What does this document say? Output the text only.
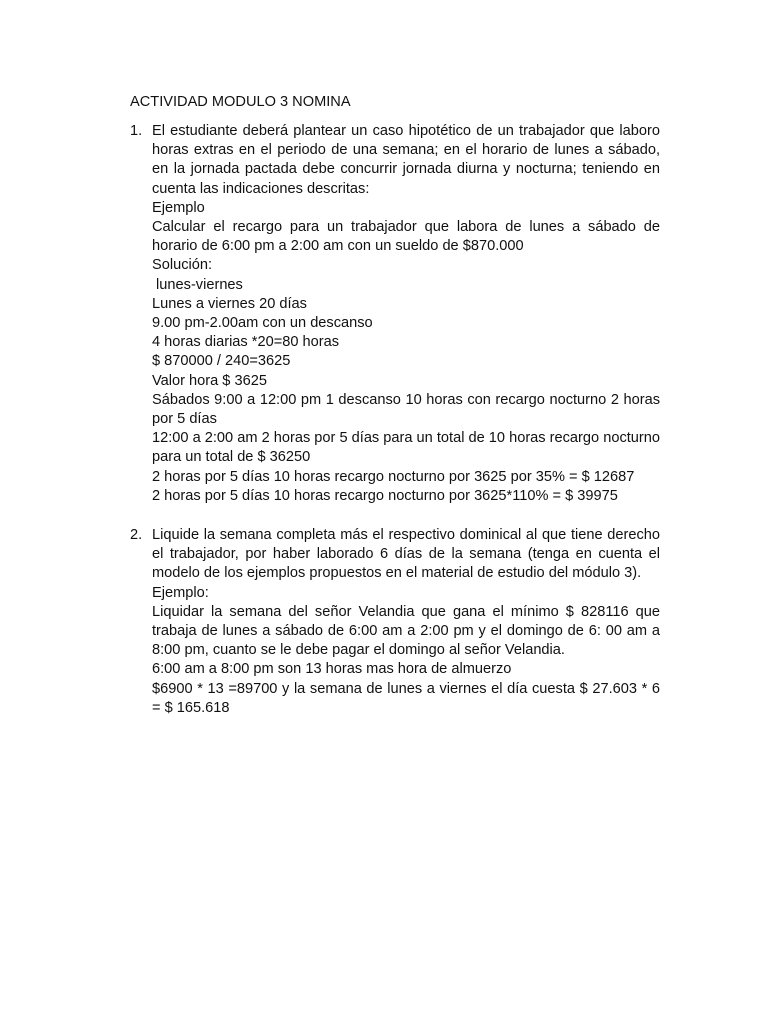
ACTIVIDAD MODULO 3 NOMINA
1. El estudiante deberá plantear un caso hipotético de un trabajador que laboro horas extras en el periodo de una semana; en el horario de lunes a sábado, en la jornada pactada debe concurrir jornada diurna y nocturna; teniendo en cuenta las indicaciones descritas:
Ejemplo
Calcular el recargo para un trabajador que labora de lunes a sábado de horario de 6:00 pm a 2:00 am con un sueldo de $870.000
Solución:
lunes-viernes
Lunes a viernes 20 días
9.00 pm-2.00am con un descanso
4 horas diarias *20=80 horas
$ 870000 / 240=3625
Valor hora $ 3625
Sábados 9:00 a 12:00 pm 1 descanso 10 horas con recargo nocturno 2 horas por 5 días
12:00 a 2:00 am 2 horas por 5 días para un total de 10 horas recargo nocturno para un total de $ 36250
2 horas por 5 días 10 horas recargo nocturno por 3625 por 35% = $ 12687
2 horas por 5 días 10 horas recargo nocturno por 3625*110% = $ 39975
2. Liquide la semana completa más el respectivo dominical al que tiene derecho el trabajador, por haber laborado 6 días de la semana (tenga en cuenta el modelo de los ejemplos propuestos en el material de estudio del módulo 3).
Ejemplo:
Liquidar la semana del señor Velandia que gana el mínimo $ 828116 que trabaja de lunes a sábado de 6:00 am a 2:00 pm y el domingo de 6: 00 am a 8:00 pm, cuanto se le debe pagar el domingo al señor Velandia.
6:00 am a 8:00 pm son 13 horas mas hora de almuerzo
$6900 * 13 =89700 y la semana de lunes a viernes el día cuesta $ 27.603 * 6 = $ 165.618
